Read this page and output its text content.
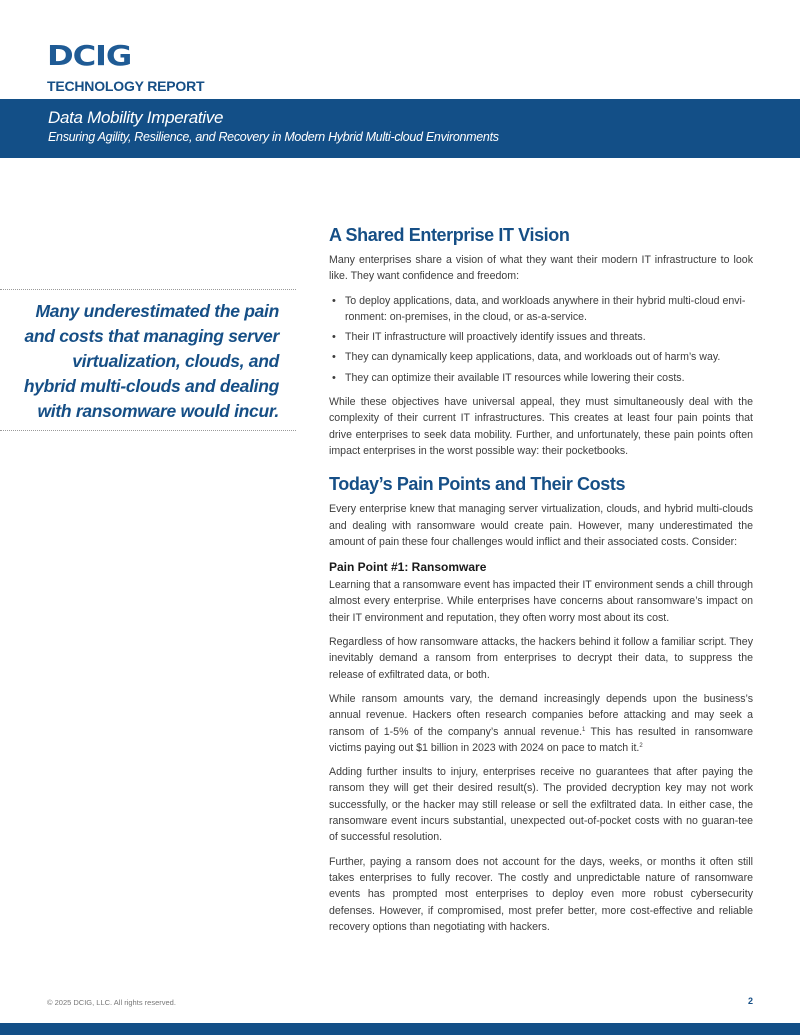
DCIG
TECHNOLOGY REPORT
Data Mobility Imperative
Ensuring Agility, Resilience, and Recovery in Modern Hybrid Multi-cloud Environments
Many underestimated the pain and costs that managing server virtualization, clouds, and hybrid multi-clouds and dealing with ransomware would incur.
A Shared Enterprise IT Vision

Many enterprises share a vision of what they want their modern IT infrastructure to look like. They want confidence and freedom:

• To deploy applications, data, and workloads anywhere in their hybrid multi-cloud envi-ronment: on-premises, in the cloud, or as-a-service.
• Their IT infrastructure will proactively identify issues and threats.
• They can dynamically keep applications, data, and workloads out of harm’s way.
• They can optimize their available IT resources while lowering their costs.

While these objectives have universal appeal, they must simultaneously deal with the complexity of their current IT infrastructures. This creates at least four pain points that drive enterprises to seek data mobility. Further, and unfortunately, these pain points often impact enterprises in the worst possible way: their pocketbooks.

Today’s Pain Points and Their Costs

Every enterprise knew that managing server virtualization, clouds, and hybrid multi-clouds and dealing with ransomware would create pain. However, many underestimated the amount of pain these four challenges would inflict and their associated costs. Consider:

Pain Point #1: Ransomware

Learning that a ransomware event has impacted their IT environment sends a chill through almost every enterprise. While enterprises have concerns about ransomware’s impact on their IT environment and reputation, they often worry most about its cost.

Regardless of how ransomware attacks, the hackers behind it follow a familiar script. They inevitably demand a ransom from enterprises to decrypt their data, to suppress the release of exfiltrated data, or both.

While ransom amounts vary, the demand increasingly depends upon the business’s annual revenue. Hackers often research companies before attacking and may seek a ransom of 1-5% of the company’s annual revenue.$^1$ This has resulted in ransomware victims paying out $1 billion in 2023 with 2024 on pace to match it.$^2$

Adding further insults to injury, enterprises receive no guarantees that after paying the ransom they will get their desired result(s). The provided decryption key may not work successfully, or the hacker may still release or sell the exfiltrated data. In either case, the ransomware event incurs substantial, unexpected out-of-pocket costs with no guaran-tee of successful resolution.

Further, paying a ransom does not account for the days, weeks, or months it often still takes enterprises to fully recover. The costly and unpredictable nature of ransomware events has prompted most enterprises to deploy even more robust cybersecurity defenses. However, if compromised, most prefer better, more cost-effective and reliable recovery options than negotiating with hackers.

© 2025 DCIG, LLC. All rights reserved.	2
